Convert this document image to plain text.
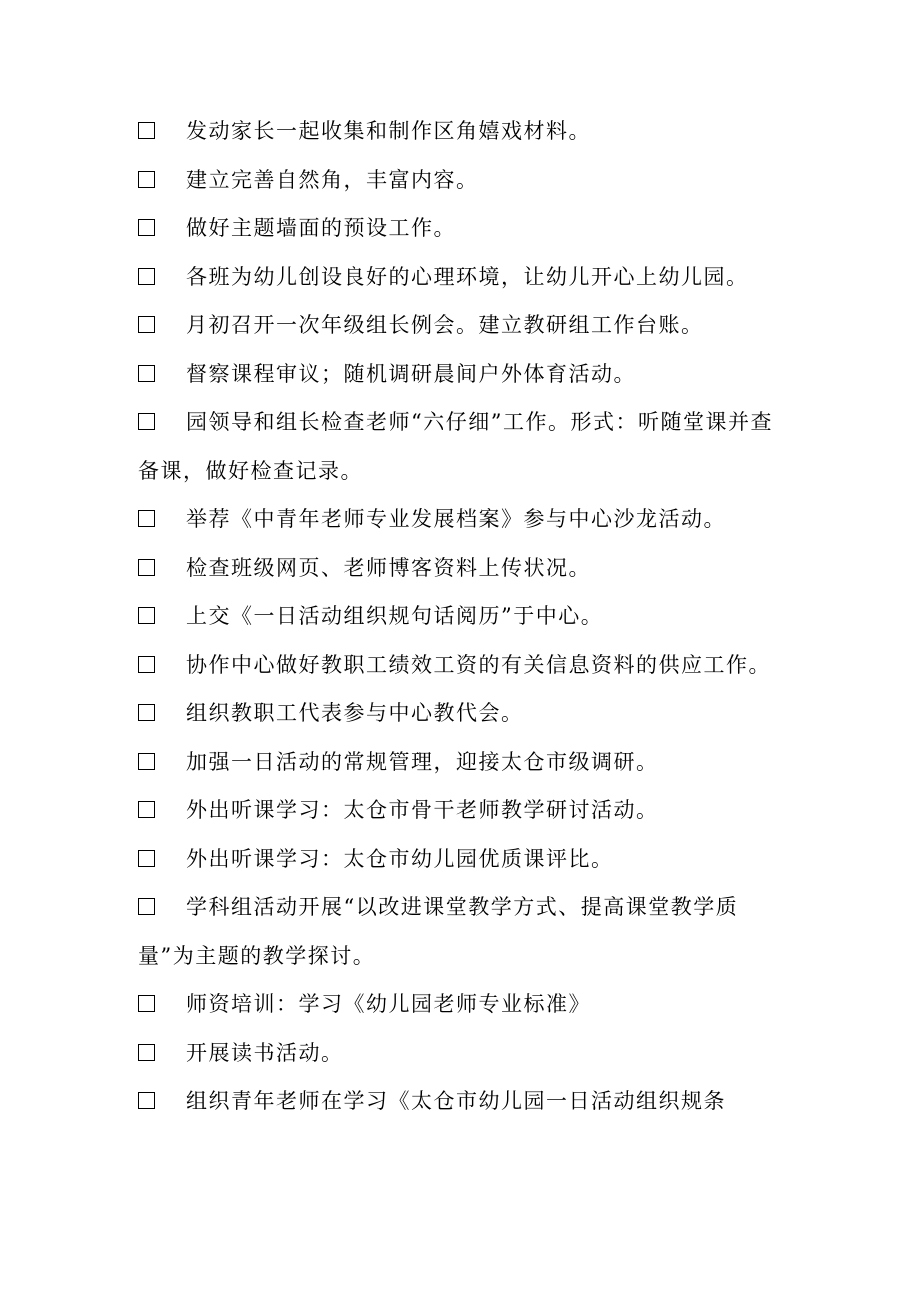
发动家长一起收集和制作区角嬉戏材料。
建立完善自然角，丰富内容。
做好主题墙面的预设工作。
各班为幼儿创设良好的心理环境，让幼儿开心上幼儿园。
月初召开一次年级组长例会。建立教研组工作台账。
督察课程审议；随机调研晨间户外体育活动。
园领导和组长检查老师“六仔细”工作。形式：听随堂课并查备课，做好检查记录。
举荐《中青年老师专业发展档案》参与中心沙龙活动。
检查班级网页、老师博客资料上传状况。
上交《一日活动组织规句话阅历”于中心。
协作中心做好教职工绩效工资的有关信息资料的供应工作。
组织教职工代表参与中心教代会。
加强一日活动的常规管理，迎接太仓市级调研。
外出听课学习：太仓市骨干老师教学研讨活动。
外出听课学习：太仓市幼儿园优质课评比。
学科组活动开展“以改进课堂教学方式、提高课堂教学质量”为主题的教学探讨。
师资培训：学习《幼儿园老师专业标准》
开展读书活动。
组织青年老师在学习《太仓市幼儿园一日活动组织规条
